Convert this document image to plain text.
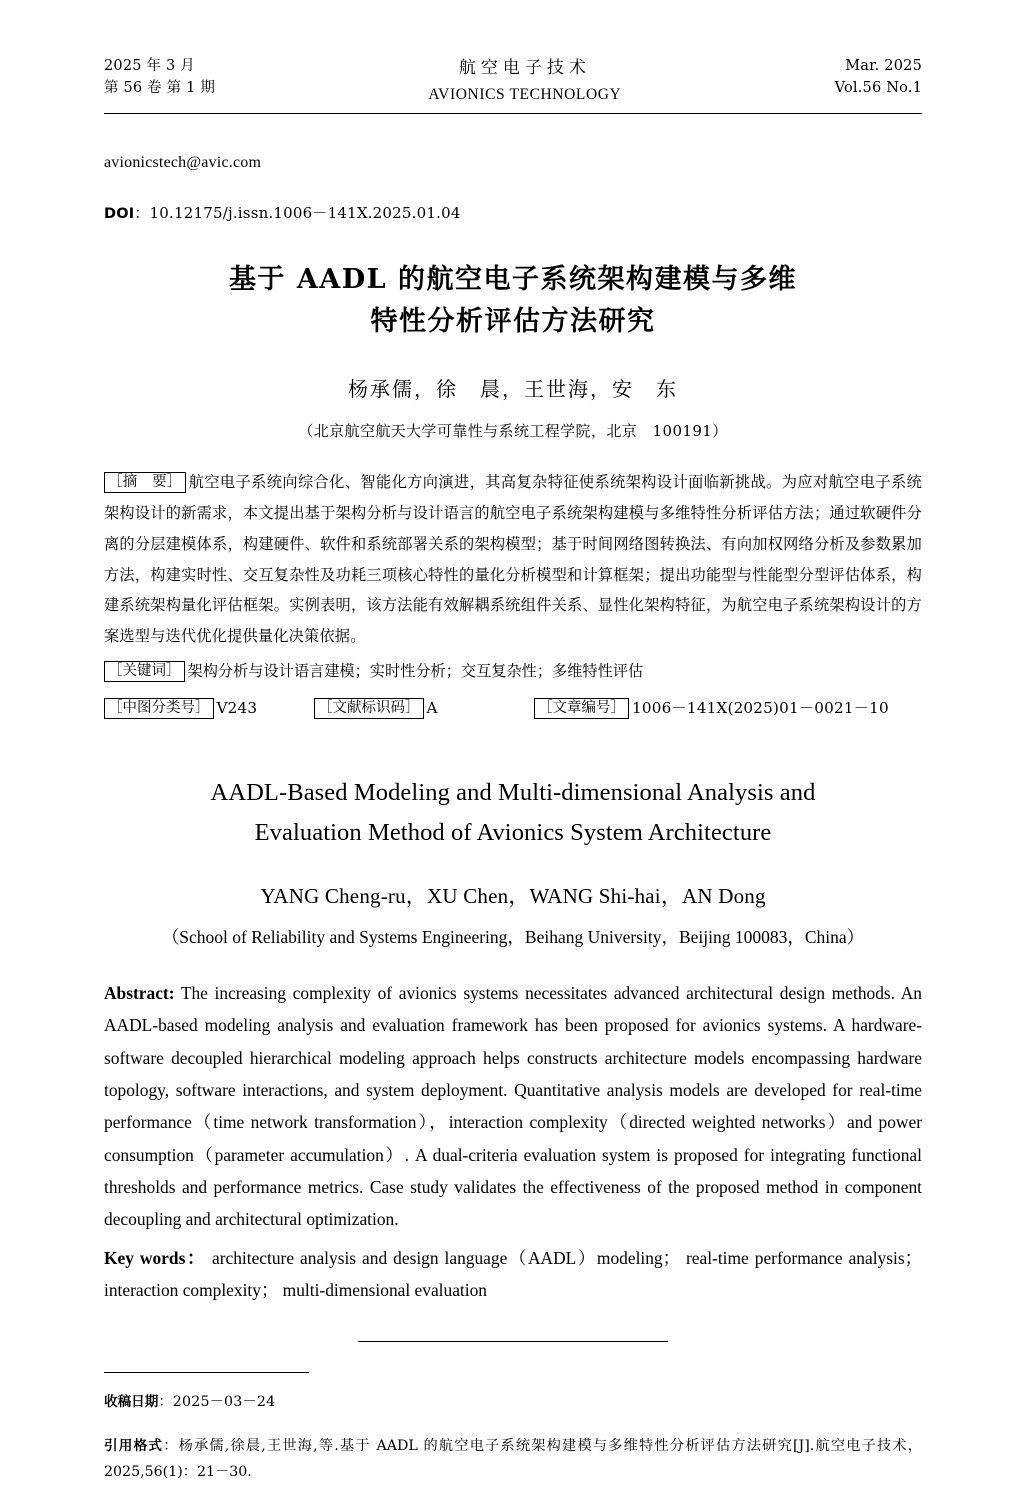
2025 年 3 月
第 56 卷 第 1 期
航空电子技术
AVIONICS TECHNOLOGY
Mar. 2025
Vol.56 No.1
avionicstech@avic.com
DOI：10.12175/j.issn.1006－141X.2025.01.04
基于 AADL 的航空电子系统架构建模与多维
特性分析评估方法研究
杨承儒，徐　晨，王世海，安　东
（北京航空航天大学可靠性与系统工程学院，北京　100191）
［摘　要］ 航空电子系统向综合化、智能化方向演进，其高复杂特征使系统架构设计面临新挑战。为应对航空电子系统架构设计的新需求，本文提出基于架构分析与设计语言的航空电子系统架构建模与多维特性分析评估方法；通过软硬件分离的分层建模体系，构建硬件、软件和系统部署关系的架构模型；基于时间网络图转换法、有向加权网络分析及参数累加方法，构建实时性、交互复杂性及功耗三项核心特性的量化分析模型和计算框架；提出功能型与性能型分型评估体系，构建系统架构量化评估框架。实例表明，该方法能有效解耦系统组件关系、显性化架构特征，为航空电子系统架构设计的方案选型与迭代优化提供量化决策依据。
［关键词］ 架构分析与设计语言建模；实时性分析；交互复杂性；多维特性评估
［中图分类号］ V243	［文献标识码］ A	［文章编号］ 1006－141X(2025)01－0021－10
AADL-Based Modeling and Multi-dimensional Analysis and
Evaluation Method of Avionics System Architecture
YANG Cheng-ru，XU Chen，WANG Shi-hai，AN Dong
（School of Reliability and Systems Engineering，Beihang University，Beijing 100083，China）
Abstract: The increasing complexity of avionics systems necessitates advanced architectural design methods. An AADL-based modeling analysis and evaluation framework has been proposed for avionics systems. A hardware-software decoupled hierarchical modeling approach helps constructs architecture models encompassing hardware topology, software interactions, and system deployment. Quantitative analysis models are developed for real-time performance（time network transformation），interaction complexity（directed weighted networks）and power consumption（parameter accumulation）. A dual-criteria evaluation system is proposed for integrating functional thresholds and performance metrics. Case study validates the effectiveness of the proposed method in component decoupling and architectural optimization.
Key words： architecture analysis and design language（AADL）modeling； real-time performance analysis； interaction complexity； multi-dimensional evaluation
收稿日期：2025－03－24
引用格式：杨承儒,徐晨,王世海,等.基于 AADL 的航空电子系统架构建模与多维特性分析评估方法研究[J].航空电子技术，2025,56(1)：21－30.
